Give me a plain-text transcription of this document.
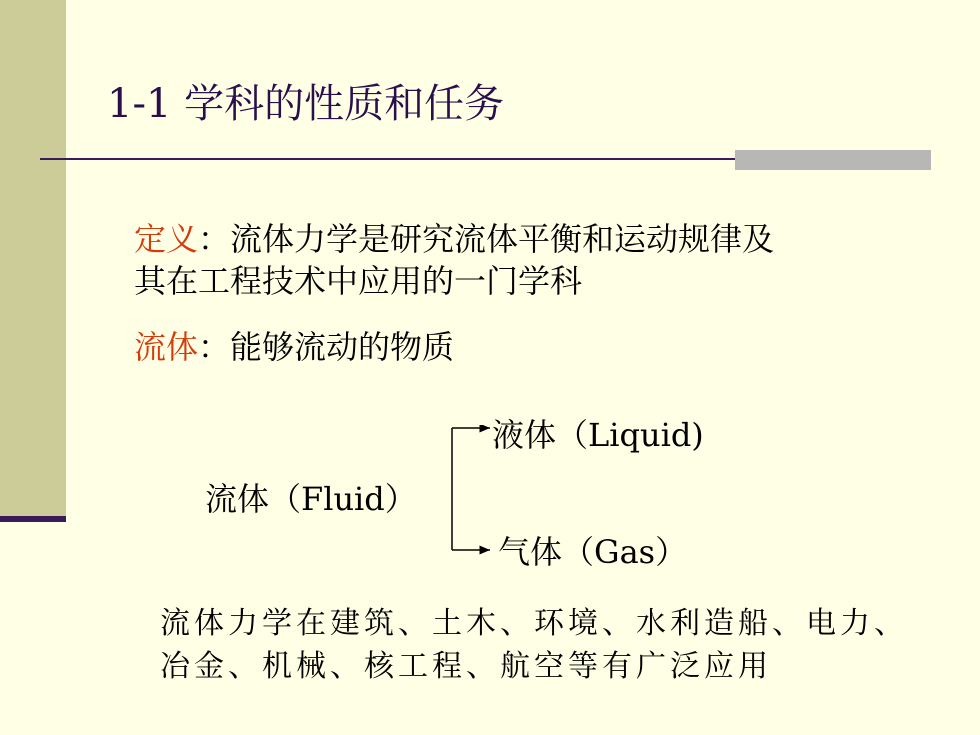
1-1 学科的性质和任务
定义：流体力学是研究流体平衡和运动规律及
其在工程技术中应用的一门学科
流体：能够流动的物质
流体（Fluid）
液体（Liquid)
气体（Gas）
流体力学在建筑、土木、环境、水利造船、电力、
冶金、机械、核工程、航空等有广泛应用
